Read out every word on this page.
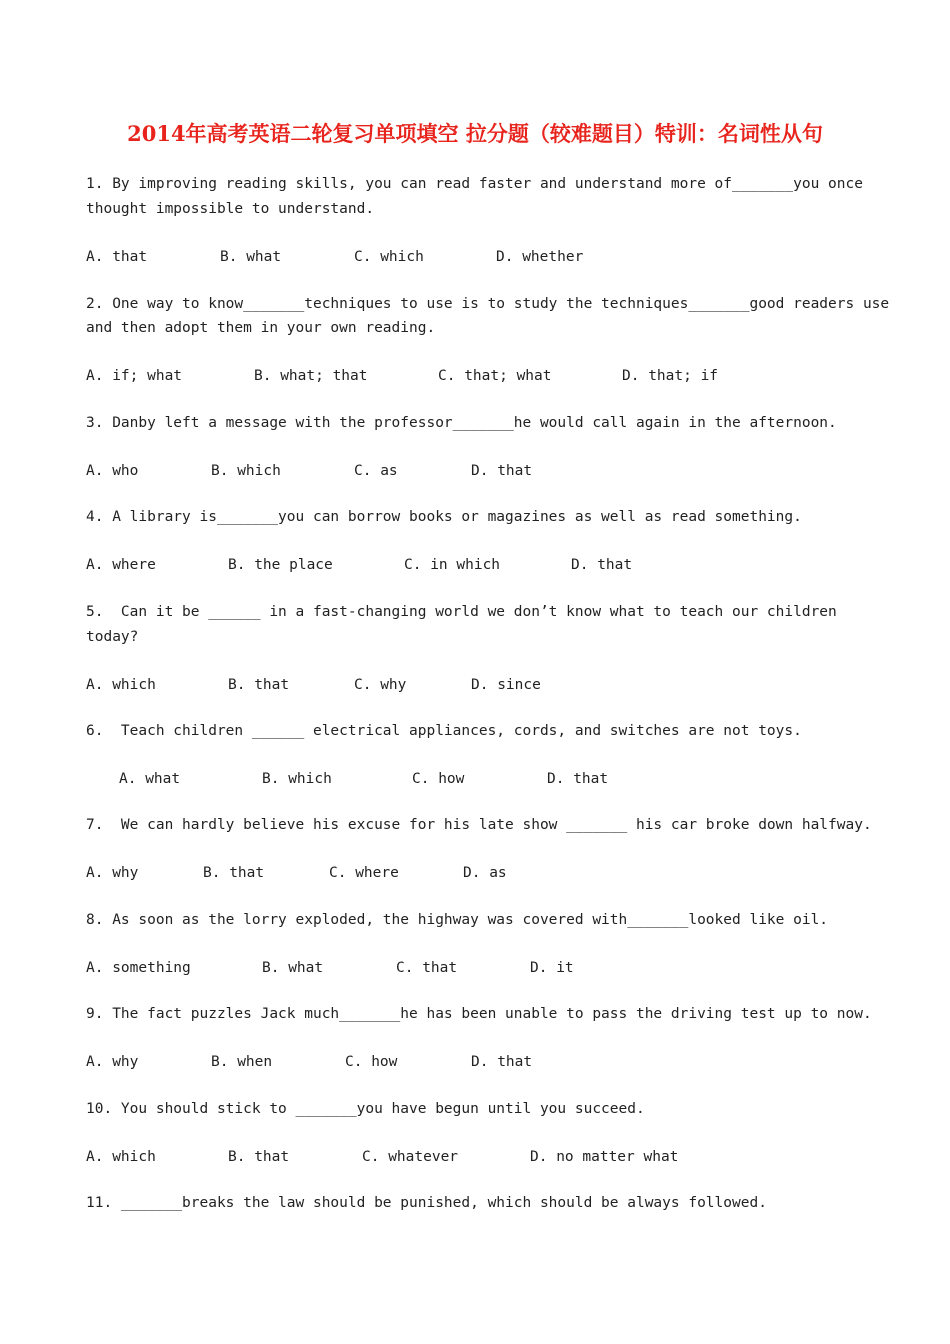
2014年高考英语二轮复习单项填空 拉分题（较难题目）特训：名词性从句
1. By improving reading skills, you can read faster and understand more of_______you once
thought impossible to understand.
A. that	B. what	C. which	D. whether
2. One way to know_______techniques to use is to study the techniques_______good readers use
and then adopt them in your own reading.
A. if; what	B. what; that	C. that; what	D. that; if
3. Danby left a message with the professor_______he would call again in the afternoon.
A. who	B. which	C. as	D. that
4. A library is_______you can borrow books or magazines as well as read something.
A. where	B. the place	C. in which	D. that
5.  Can it be ______ in a fast-changing world we don’t know what to teach our children
today?
A. which	B. that	C. why	D. since
6.  Teach children ______ electrical appliances, cords, and switches are not toys.
A. what	B. which	C. how	D. that
7.  We can hardly believe his excuse for his late show _______ his car broke down halfway.
A. why	B. that	C. where	D. as
8. As soon as the lorry exploded, the highway was covered with_______looked like oil.
A. something	B. what	C. that	D. it
9. The fact puzzles Jack much_______he has been unable to pass the driving test up to now.
A. why	B. when	C. how	D. that
10. You should stick to _______you have begun until you succeed.
A. which	B. that	C. whatever	D. no matter what
11. _______breaks the law should be punished, which should be always followed.
